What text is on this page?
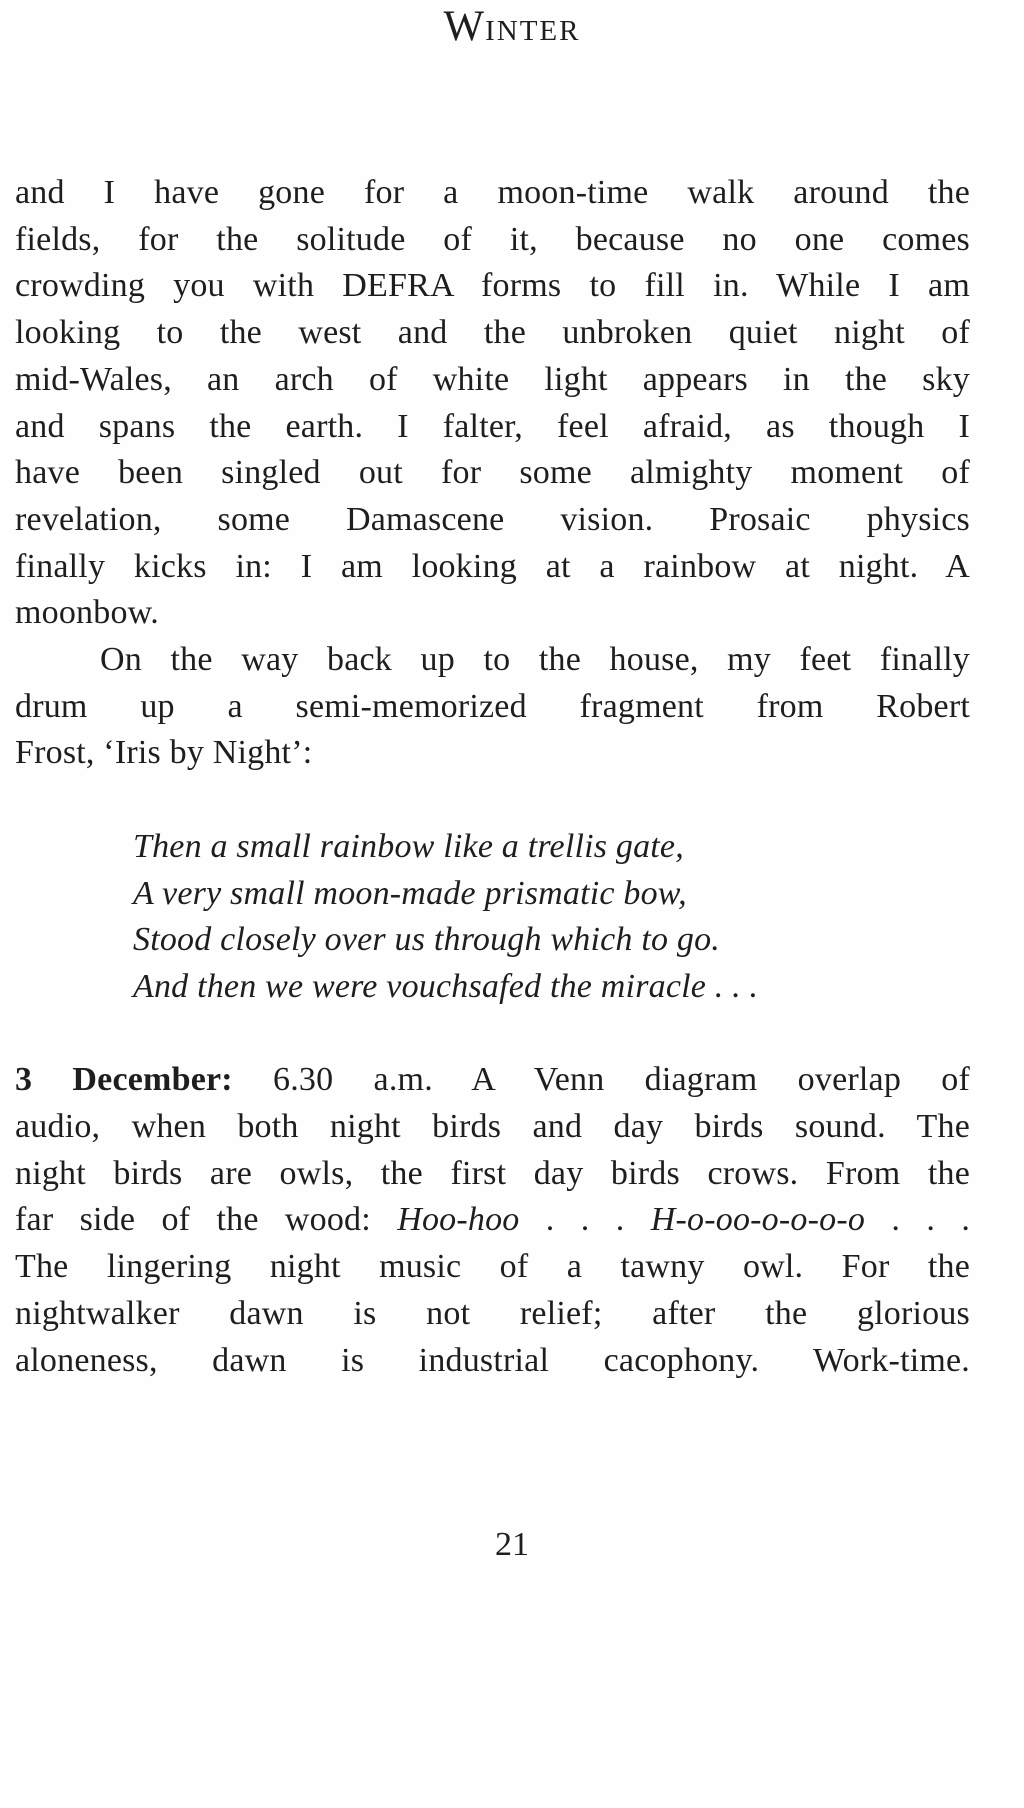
WINTER
and I have gone for a moon-time walk around the
fields, for the solitude of it, because no one comes
crowding you with DEFRA forms to fill in. While I am
looking to the west and the unbroken quiet night of
mid-Wales, an arch of white light appears in the sky
and spans the earth. I falter, feel afraid, as though I
have been singled out for some almighty moment of
revelation, some Damascene vision. Prosaic physics
finally kicks in: I am looking at a rainbow at night. A
moonbow.
On the way back up to the house, my feet finally
drum up a semi-memorized fragment from Robert
Frost, ‘Iris by Night’:
Then a small rainbow like a trellis gate,
A very small moon-made prismatic bow,
Stood closely over us through which to go.
And then we were vouchsafed the miracle . . .
3 December: 6.30 a.m. A Venn diagram overlap of
audio, when both night birds and day birds sound. The
night birds are owls, the first day birds crows. From the
far side of the wood: Hoo-hoo . . . H-o-oo-o-o-o-o . . .
The lingering night music of a tawny owl. For the
nightwalker dawn is not relief; after the glorious
aloneness, dawn is industrial cacophony. Work-time.
21
